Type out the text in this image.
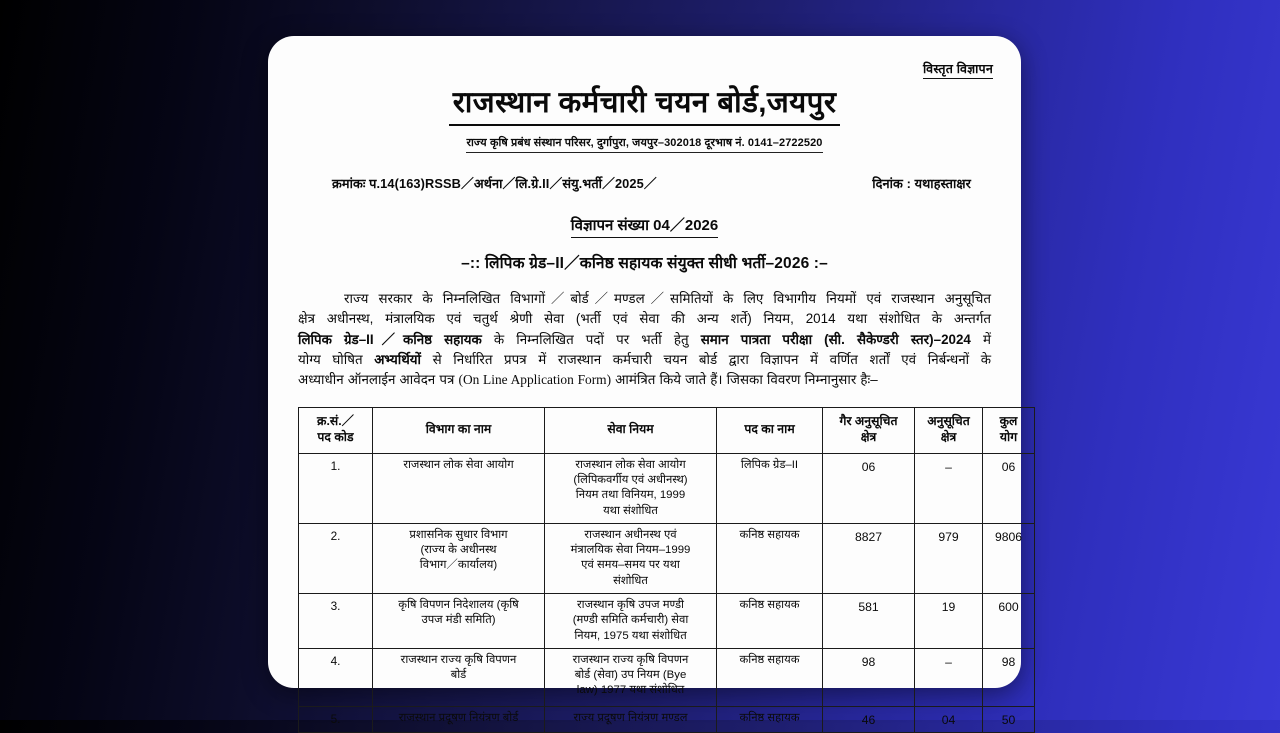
विस्तृत विज्ञापन
राजस्थान कर्मचारी चयन बोर्ड,जयपुर
राज्य कृषि प्रबंध संस्थान परिसर, दुर्गापुरा, जयपुर–302018 दूरभाष नं. 0141–2722520
क्रमांकः प.14(163)RSSB／अर्थना／लि.ग्रे.II／संयु.भर्ती／2025／	दिनांक : यथाहस्ताक्षर
विज्ञापन संख्या 04／2026
–:: लिपिक ग्रेड–II／कनिष्ठ सहायक संयुक्त सीधी भर्ती–2026 :–
राज्य सरकार के निम्नलिखित विभागों／बोर्ड／मण्डल／समितियों के लिए विभागीय नियमों एवं राजस्थान अनुसूचित
क्षेत्र अधीनस्थ, मंत्रालयिक एवं चतुर्थ श्रेणी सेवा (भर्ती एवं सेवा की अन्य शर्ते) नियम, 2014 यथा संशोधित के अन्तर्गत
लिपिक ग्रेड–II／कनिष्ठ सहायक के निम्नलिखित पदों पर भर्ती हेतु समान पात्रता परीक्षा (सी. सैकेण्डरी स्तर)–2024 में
योग्य घोषित अभ्यर्थियों से निर्धारित प्रपत्र में राजस्थान कर्मचारी चयन बोर्ड द्वारा विज्ञापन में वर्णित शर्तों एवं निर्बन्धनों के
अध्याधीन ऑनलाईन आवेदन पत्र (On Line Application Form) आमंत्रित किये जाते हैं। जिसका विवरण निम्नानुसार हैः–
क्र.सं.／
पद कोड	विभाग का नाम	सेवा नियम	पद का नाम	गैर अनुसूचित
क्षेत्र	अनुसूचित
क्षेत्र	कुल
योग
1.	राजस्थान लोक सेवा आयोग	राजस्थान लोक सेवा आयोग
(लिपिकवर्गीय एवं अधीनस्थ)
नियम तथा विनियम, 1999
यथा संशोधित	लिपिक ग्रेड–II	06	–	06
2.	प्रशासनिक सुधार विभाग
(राज्य के अधीनस्थ
विभाग／कार्यालय)	राजस्थान अधीनस्थ एवं
मंत्रालयिक सेवा नियम–1999
एवं समय–समय पर यथा
संशोधित	कनिष्ठ सहायक	8827	979	9806
3.	कृषि विपणन निदेशालय (कृषि
उपज मंडी समिति)	राजस्थान कृषि उपज मण्डी
(मण्डी समिति कर्मचारी) सेवा
नियम, 1975 यथा संशोधित	कनिष्ठ सहायक	581	19	600
4.	राजस्थान राज्य कृषि विपणन
बोर्ड	राजस्थान राज्य कृषि विपणन
बोर्ड (सेवा) उप नियम (Bye
law) 1977 यथा संशोधित	कनिष्ठ सहायक	98	–	98
5.	राजस्थान प्रदूषण नियंत्रण बोर्ड	राज्य प्रदूषण नियंत्रण मण्डल	कनिष्ठ सहायक	46	04	50
